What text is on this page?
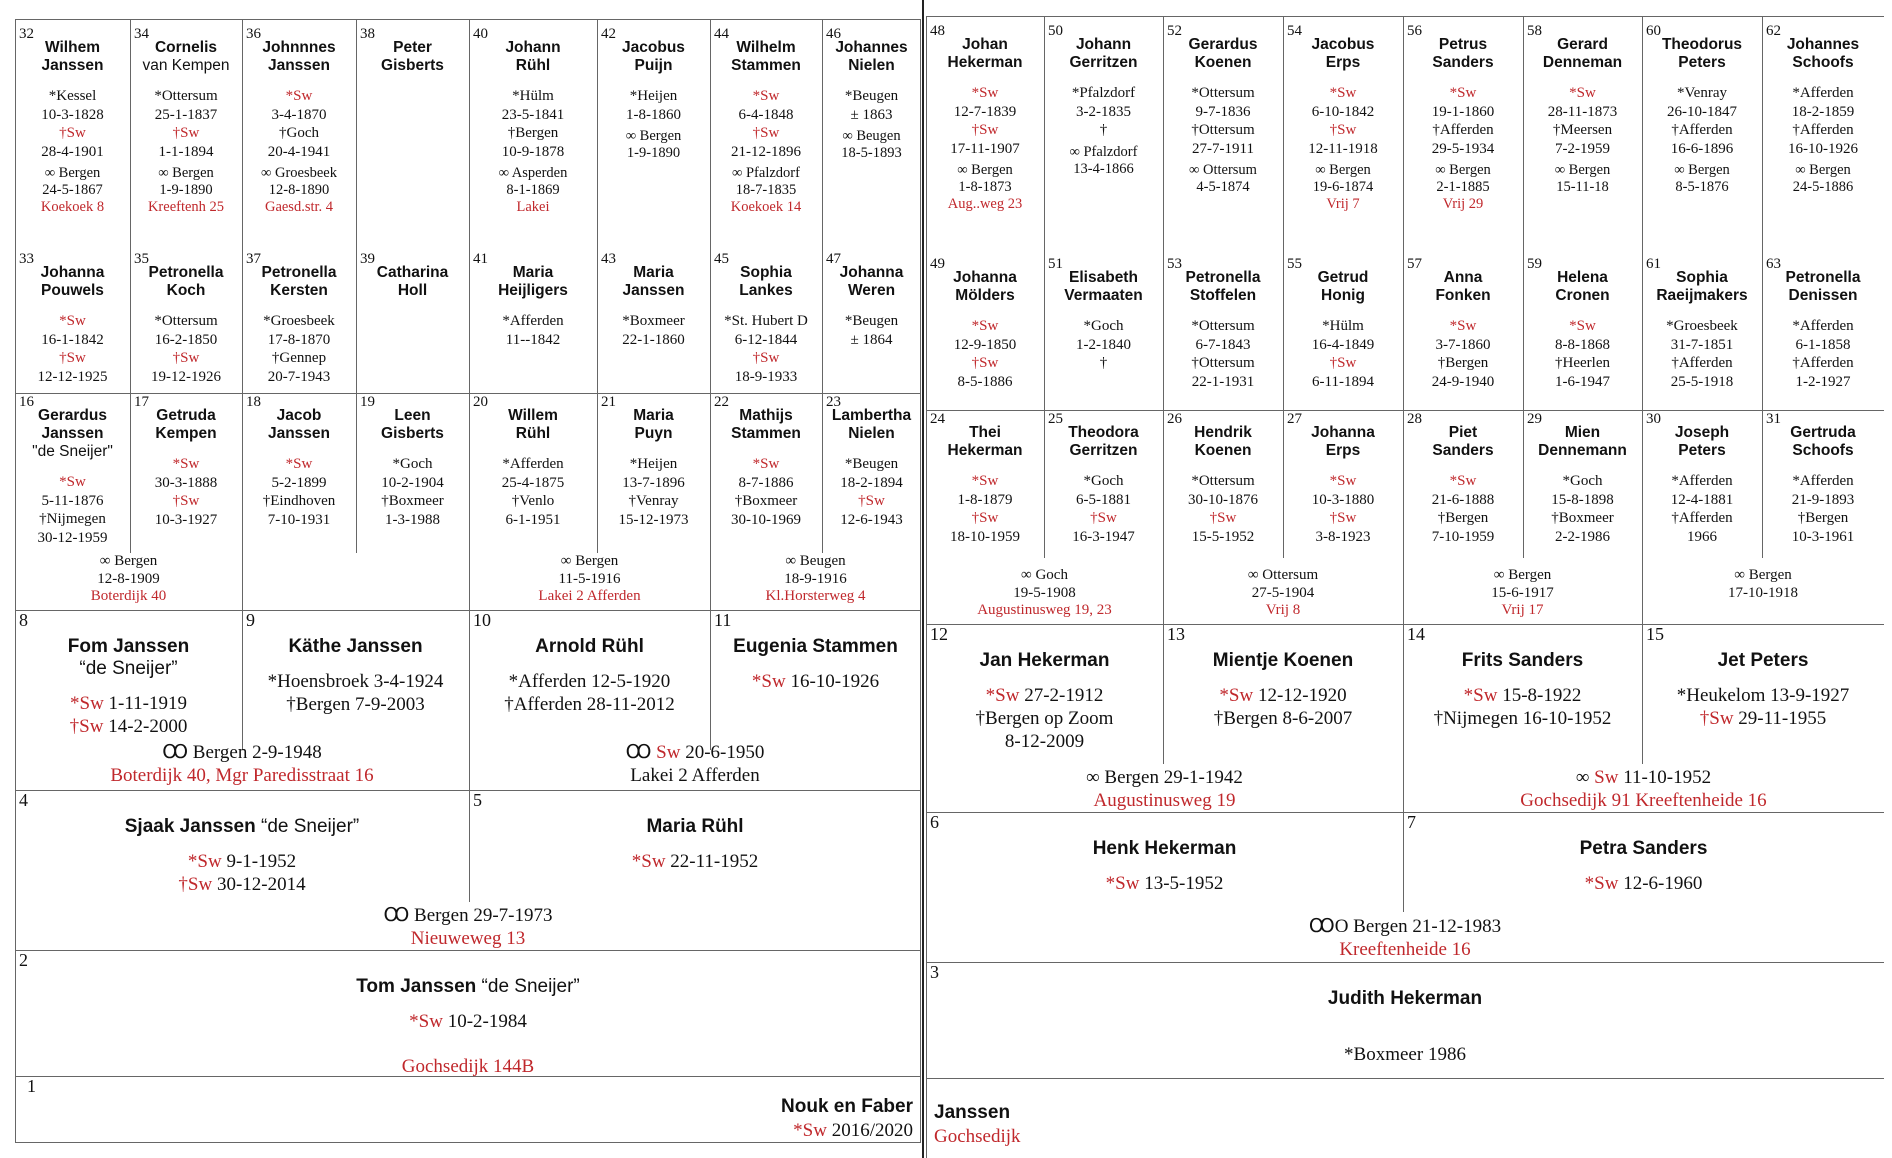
32
Wilhem
Janssen
*Kessel
10-3-1828
†Sw
28-4-1901
∞ Bergen
24-5-1867
Koekoek 8
34
Cornelis
van Kempen
*Ottersum
25-1-1837
†Sw
1-1-1894
∞ Bergen
1-9-1890
Kreeftenh 25
36
Johnnnes
Janssen
*Sw
3-4-1870
†Goch
20-4-1941
∞ Groesbeek
12-8-1890
Gaesd.str. 4
38
Peter
Gisberts
40
Johann
Rühl
*Hülm
23-5-1841
†Bergen
10-9-1878
∞ Asperden
8-1-1869
Lakei
42
Jacobus
Puijn
*Heijen
1-8-1860
∞ Bergen
1-9-1890
44
Wilhelm
Stammen
*Sw
6-4-1848
†Sw
21-12-1896
∞ Pfalzdorf
18-7-1835
Koekoek 14
46
Johannes
Nielen
*Beugen
± 1863
∞ Beugen
18-5-1893
33
Johanna
Pouwels
*Sw
16-1-1842
†Sw
12-12-1925
35
Petronella
Koch
*Ottersum
16-2-1850
†Sw
19-12-1926
37
Petronella
Kersten
*Groesbeek
17-8-1870
†Gennep
20-7-1943
39
Catharina
Holl
41
Maria
Heijligers
*Afferden
11--1842
43
Maria
Janssen
*Boxmeer
22-1-1860
45
Sophia
Lankes
*St. Hubert D
6-12-1844
†Sw
18-9-1933
47
Johanna
Weren
*Beugen
± 1864
16
Gerardus
Janssen
"de Sneijer"
*Sw
5-11-1876
†Nijmegen
30-12-1959
17
Getruda
Kempen
*Sw
30-3-1888
†Sw
10-3-1927
18
Jacob
Janssen
*Sw
5-2-1899
†Eindhoven
7-10-1931
19
Leen
Gisberts
*Goch
10-2-1904
†Boxmeer
1-3-1988
20
Willem
Rühl
*Afferden
25-4-1875
†Venlo
6-1-1951
21
Maria
Puyn
*Heijen
13-7-1896
†Venray
15-12-1973
22
Mathijs
Stammen
*Sw
8-7-1886
†Boxmeer
30-10-1969
23
Lambertha
Nielen
*Beugen
18-2-1894
†Sw
12-6-1943
∞ Bergen
12-8-1909
Boterdijk 40
∞ Bergen
11-5-1916
Lakei 2 Afferden
∞ Beugen
18-9-1916
Kl.Horsterweg 4
8
Fom Janssen
“de Sneijer”
*Sw 1-11-1919
†Sw 14-2-2000
9
Käthe Janssen
*Hoensbroek 3-4-1924
†Bergen 7-9-2003
10
Arnold Rühl
*Afferden 12-5-1920
†Afferden 28-11-2012
11
Eugenia Stammen
*Sw 16-10-1926
Ꝏ Bergen 2-9-1948
Boterdijk 40, Mgr Paredisstraat 16
Ꝏ Sw 20-6-1950
Lakei 2 Afferden
4
Sjaak Janssen “de Sneijer”
*Sw 9-1-1952
†Sw 30-12-2014
5
Maria Rühl
*Sw 22-11-1952
Ꝏ Bergen 29-7-1973
Nieuweweg 13
2
Tom Janssen “de Sneijer”
*Sw 10-2-1984
Gochsedijk 144B
1
Nouk en Faber
*Sw 2016/2020
48
Johan
Hekerman
*Sw
12-7-1839
†Sw
17-11-1907
∞ Bergen
1-8-1873
Aug..weg 23
50
Johann
Gerritzen
*Pfalzdorf
3-2-1835
†
∞ Pfalzdorf
13-4-1866
52
Gerardus
Koenen
*Ottersum
9-7-1836
†Ottersum
27-7-1911
∞ Ottersum
4-5-1874
54
Jacobus
Erps
*Sw
6-10-1842
†Sw
12-11-1918
∞ Bergen
19-6-1874
Vrij 7
56
Petrus
Sanders
*Sw
19-1-1860
†Afferden
29-5-1934
∞ Bergen
2-1-1885
Vrij 29
58
Gerard
Denneman
*Sw
28-11-1873
†Meersen
7-2-1959
∞ Bergen
15-11-18
60
Theodorus
Peters
*Venray
26-10-1847
†Afferden
16-6-1896
∞ Bergen
8-5-1876
62
Johannes
Schoofs
*Afferden
18-2-1859
†Afferden
16-10-1926
∞ Bergen
24-5-1886
49
Johanna
Mölders
*Sw
12-9-1850
†Sw
8-5-1886
51
Elisabeth
Vermaaten
*Goch
1-2-1840
†
53
Petronella
Stoffelen
*Ottersum
6-7-1843
†Ottersum
22-1-1931
55
Getrud
Honig
*Hülm
16-4-1849
†Sw
6-11-1894
57
Anna
Fonken
*Sw
3-7-1860
†Bergen
24-9-1940
59
Helena
Cronen
*Sw
8-8-1868
†Heerlen
1-6-1947
61
Sophia
Raeijmakers
*Groesbeek
31-7-1851
†Afferden
25-5-1918
63
Petronella
Denissen
*Afferden
6-1-1858
†Afferden
1-2-1927
24
Thei
Hekerman
*Sw
1-8-1879
†Sw
18-10-1959
25
Theodora
Gerritzen
*Goch
6-5-1881
†Sw
16-3-1947
26
Hendrik
Koenen
*Ottersum
30-10-1876
†Sw
15-5-1952
27
Johanna
Erps
*Sw
10-3-1880
†Sw
3-8-1923
28
Piet
Sanders
*Sw
21-6-1888
†Bergen
7-10-1959
29
Mien
Dennemann
*Goch
15-8-1898
†Boxmeer
2-2-1986
30
Joseph
Peters
*Afferden
12-4-1881
†Afferden
1966
31
Gertruda
Schoofs
*Afferden
21-9-1893
†Bergen
10-3-1961
∞ Goch
19-5-1908
Augustinusweg 19, 23
∞ Ottersum
27-5-1904
Vrij 8
∞ Bergen
15-6-1917
Vrij 17
∞ Bergen
17-10-1918
12
Jan Hekerman
*Sw 27-2-1912
†Bergen op Zoom
8-12-2009
13
Mientje Koenen
*Sw 12-12-1920
†Bergen 8-6-2007
14
Frits Sanders
*Sw 15-8-1922
†Nijmegen 16-10-1952
15
Jet Peters
*Heukelom 13-9-1927
†Sw 29-11-1955
∞ Bergen 29-1-1942
Augustinusweg 19
∞ Sw 11-10-1952
Gochsedijk 91 Kreeftenheide 16
6
Henk Hekerman
*Sw 13-5-1952
7
Petra Sanders
*Sw 12-6-1960
ꝎO Bergen 21-12-1983
Kreeftenheide 16
3
Judith Hekerman
*Boxmeer 1986
Janssen
Gochsedijk
